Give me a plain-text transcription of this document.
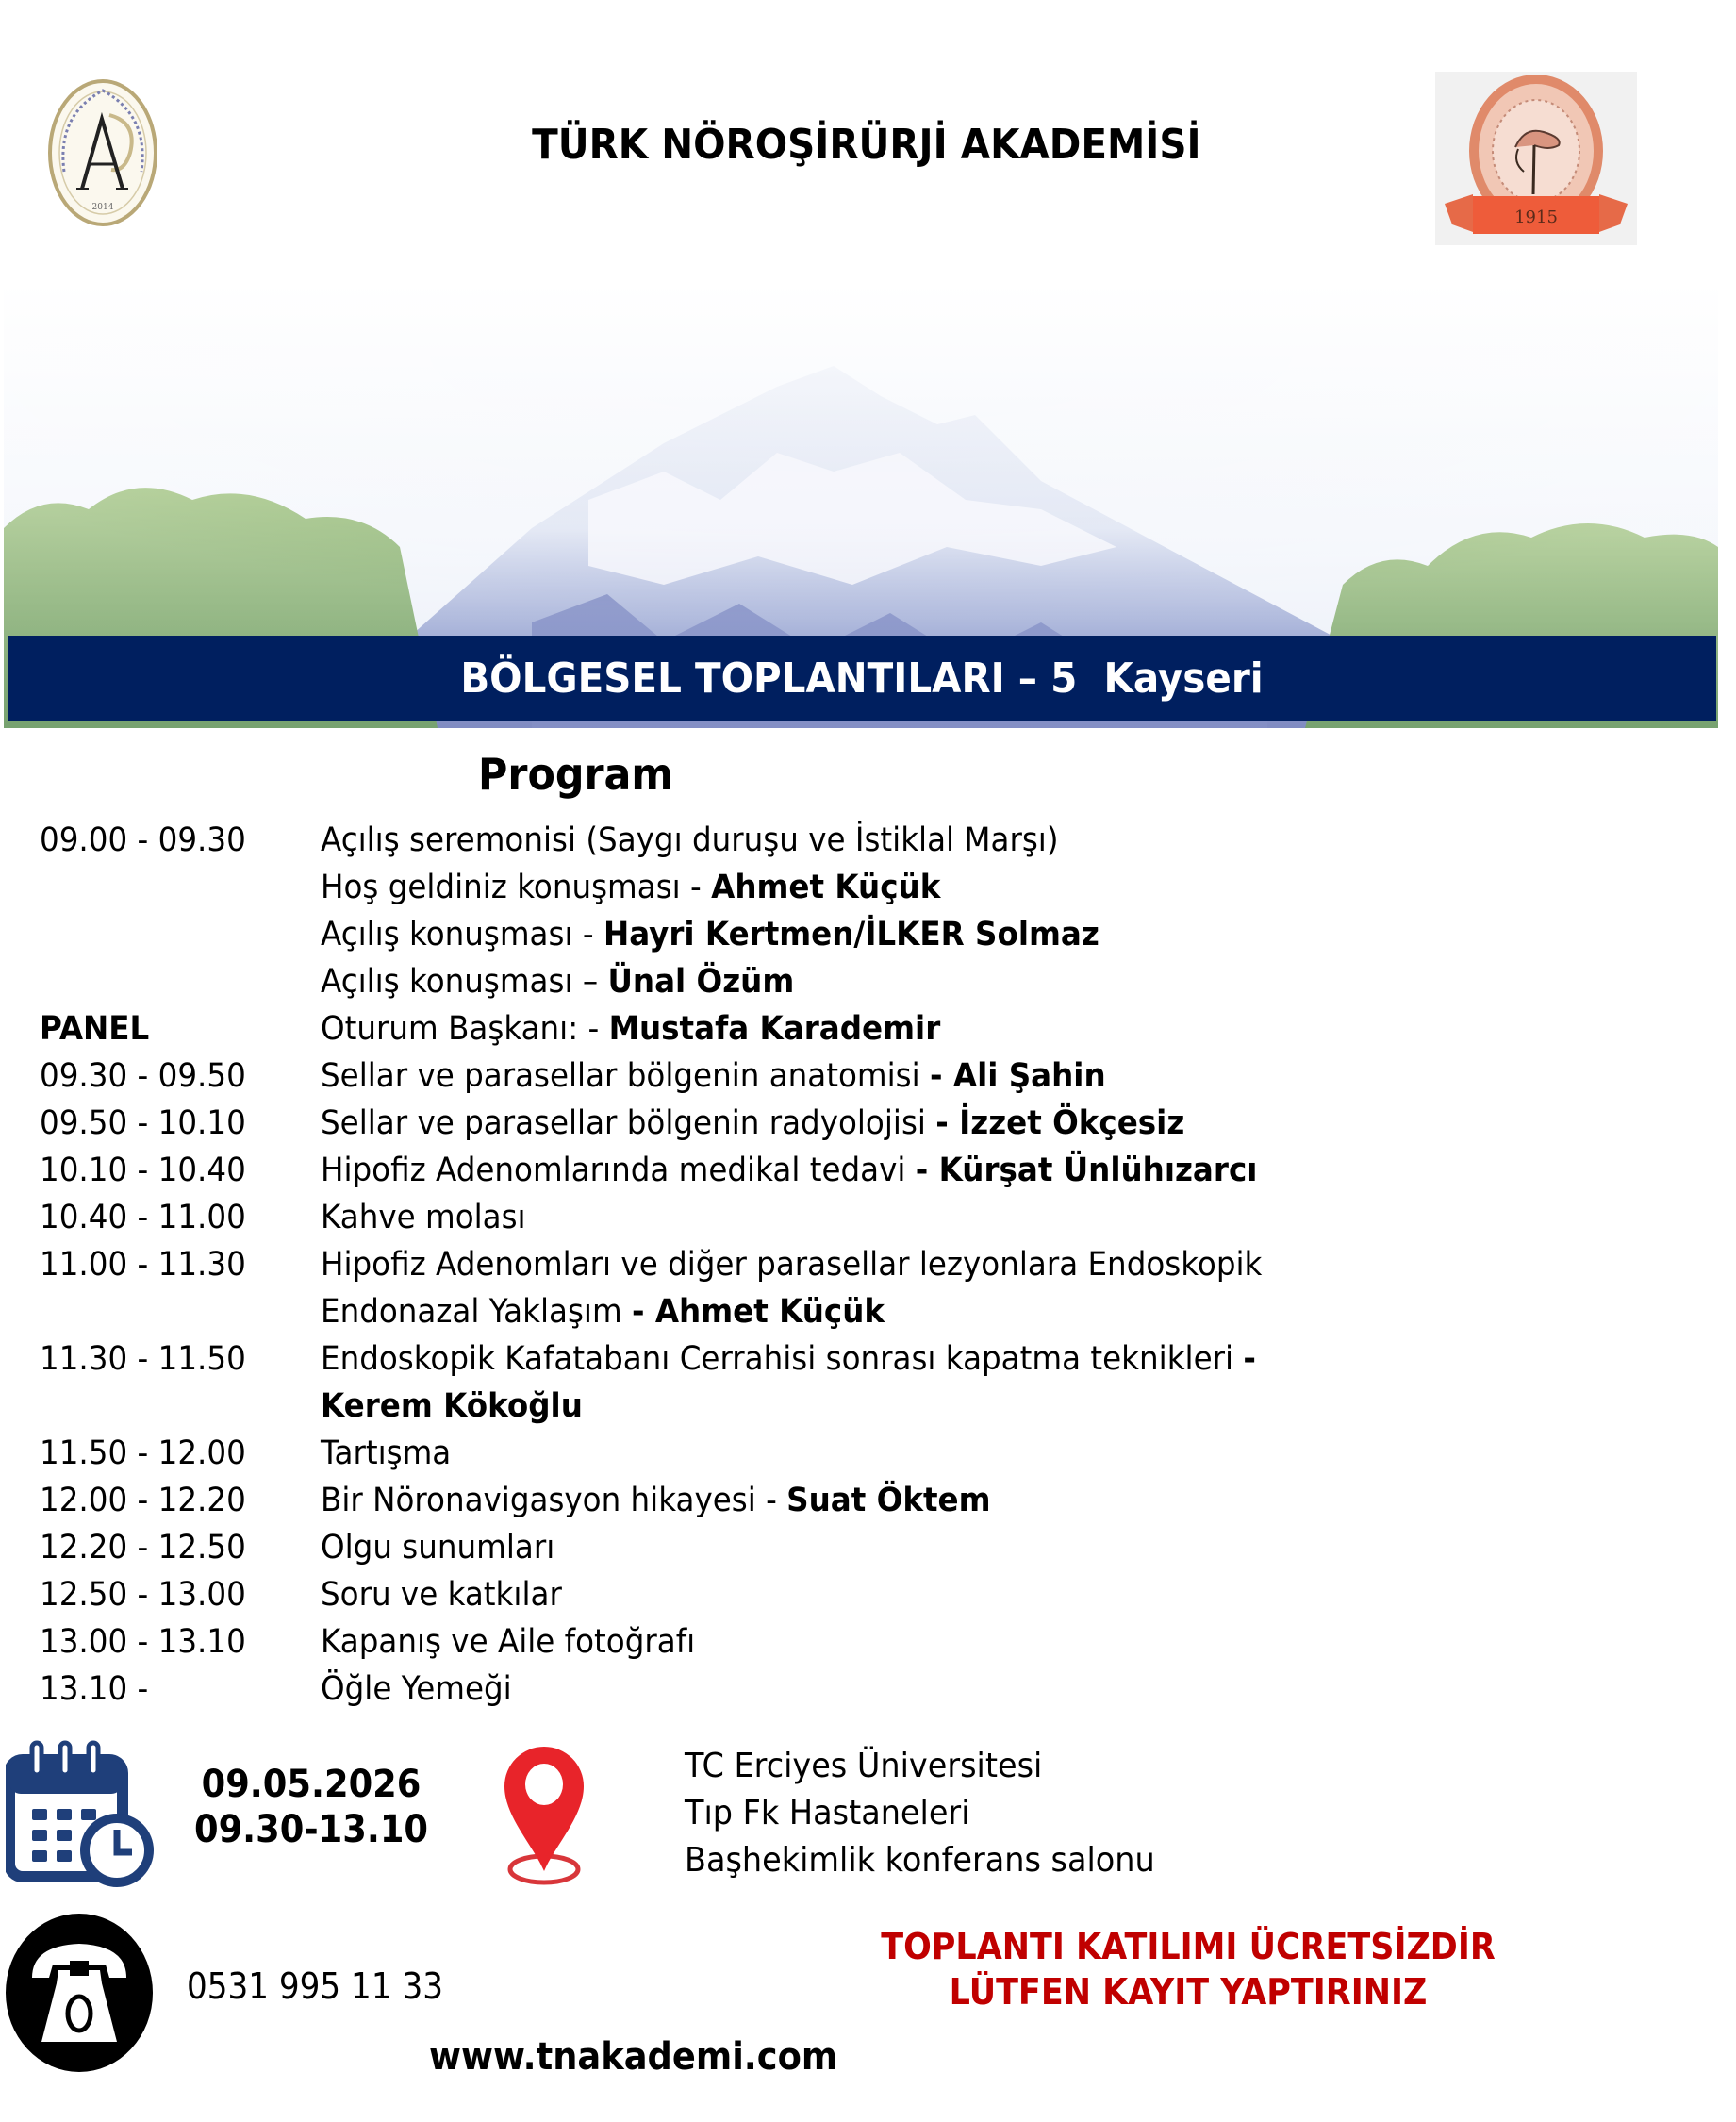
2014
TÜRK NÖROŞİRÜRJİ AKADEMİSİ
1915
BÖLGESEL TOPLANTILARI – 5  Kayseri
Program
09.00 - 09.30 Açılış seremonisi (Saygı duruşu ve İstiklal Marşı)
Hoş geldiniz konuşması - Ahmet Küçük
Açılış konuşması - Hayri Kertmen/İLKER Solmaz
Açılış konuşması – Ünal Özüm
PANEL	Oturum Başkanı: - Mustafa Karademir
09.30 - 09.50 Sellar ve parasellar bölgenin anatomisi - Ali Şahin
09.50 - 10.10 Sellar ve parasellar bölgenin radyolojisi - İzzet Ökçesiz
10.10 - 10.40 Hipofiz Adenomlarında medikal tedavi - Kürşat Ünlühızarcı
10.40 - 11.00 Kahve molası
11.00 - 11.30 Hipofiz Adenomları ve diğer parasellar lezyonlara Endoskopik
Endonazal Yaklaşım - Ahmet Küçük
11.30 - 11.50 Endoskopik Kafatabanı Cerrahisi sonrası kapatma teknikleri -
Kerem Kökoğlu
11.50 - 12.00 Tartışma
12.00 - 12.20 Bir Nöronavigasyon hikayesi - Suat Öktem
12.20 - 12.50 Olgu sunumları
12.50 - 13.00 Soru ve katkılar
13.00 - 13.10 Kapanış ve Aile fotoğrafı
13.10 -	Öğle Yemeği
09.05.2026
09.30-13.10
TC Erciyes Üniversitesi
Tıp Fk Hastaneleri
Başhekimlik konferans salonu
0531 995 11 33
TOPLANTI KATILIMI ÜCRETSİZDİR
LÜTFEN KAYIT YAPTIRINIZ
www.tnakademi.com
